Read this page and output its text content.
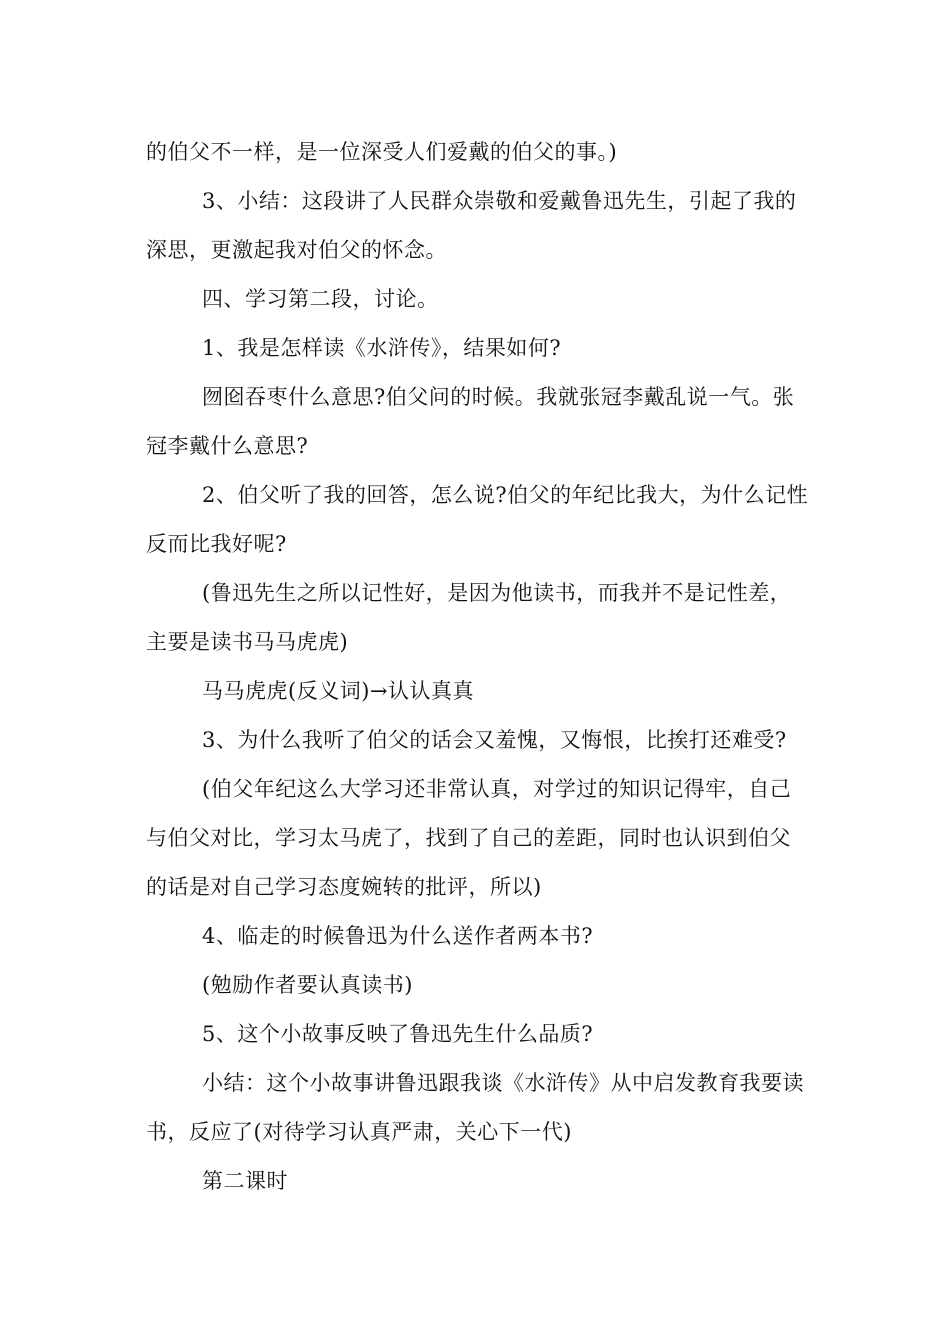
的伯父不一样，是一位深受人们爱戴的伯父的事。)

3、小结：这段讲了人民群众崇敬和爱戴鲁迅先生，引起了我的深思，更激起我对伯父的怀念。

四、学习第二段，讨论。

1、我是怎样读《水浒传》，结果如何?

囫囵吞枣什么意思?伯父问的时候。我就张冠李戴乱说一气。张冠李戴什么意思?

2、伯父听了我的回答，怎么说?伯父的年纪比我大，为什么记性反而比我好呢?

(鲁迅先生之所以记性好，是因为他读书，而我并不是记性差，主要是读书马马虎虎)

马马虎虎(反义词)→认认真真

3、为什么我听了伯父的话会又羞愧，又悔恨，比挨打还难受?

(伯父年纪这么大学习还非常认真，对学过的知识记得牢，自己与伯父对比，学习太马虎了，找到了自己的差距，同时也认识到伯父的话是对自己学习态度婉转的批评，所以)

4、临走的时候鲁迅为什么送作者两本书?

(勉励作者要认真读书)

5、这个小故事反映了鲁迅先生什么品质?

小结：这个小故事讲鲁迅跟我谈《水浒传》从中启发教育我要读书，反应了(对待学习认真严肃，关心下一代)

第二课时
